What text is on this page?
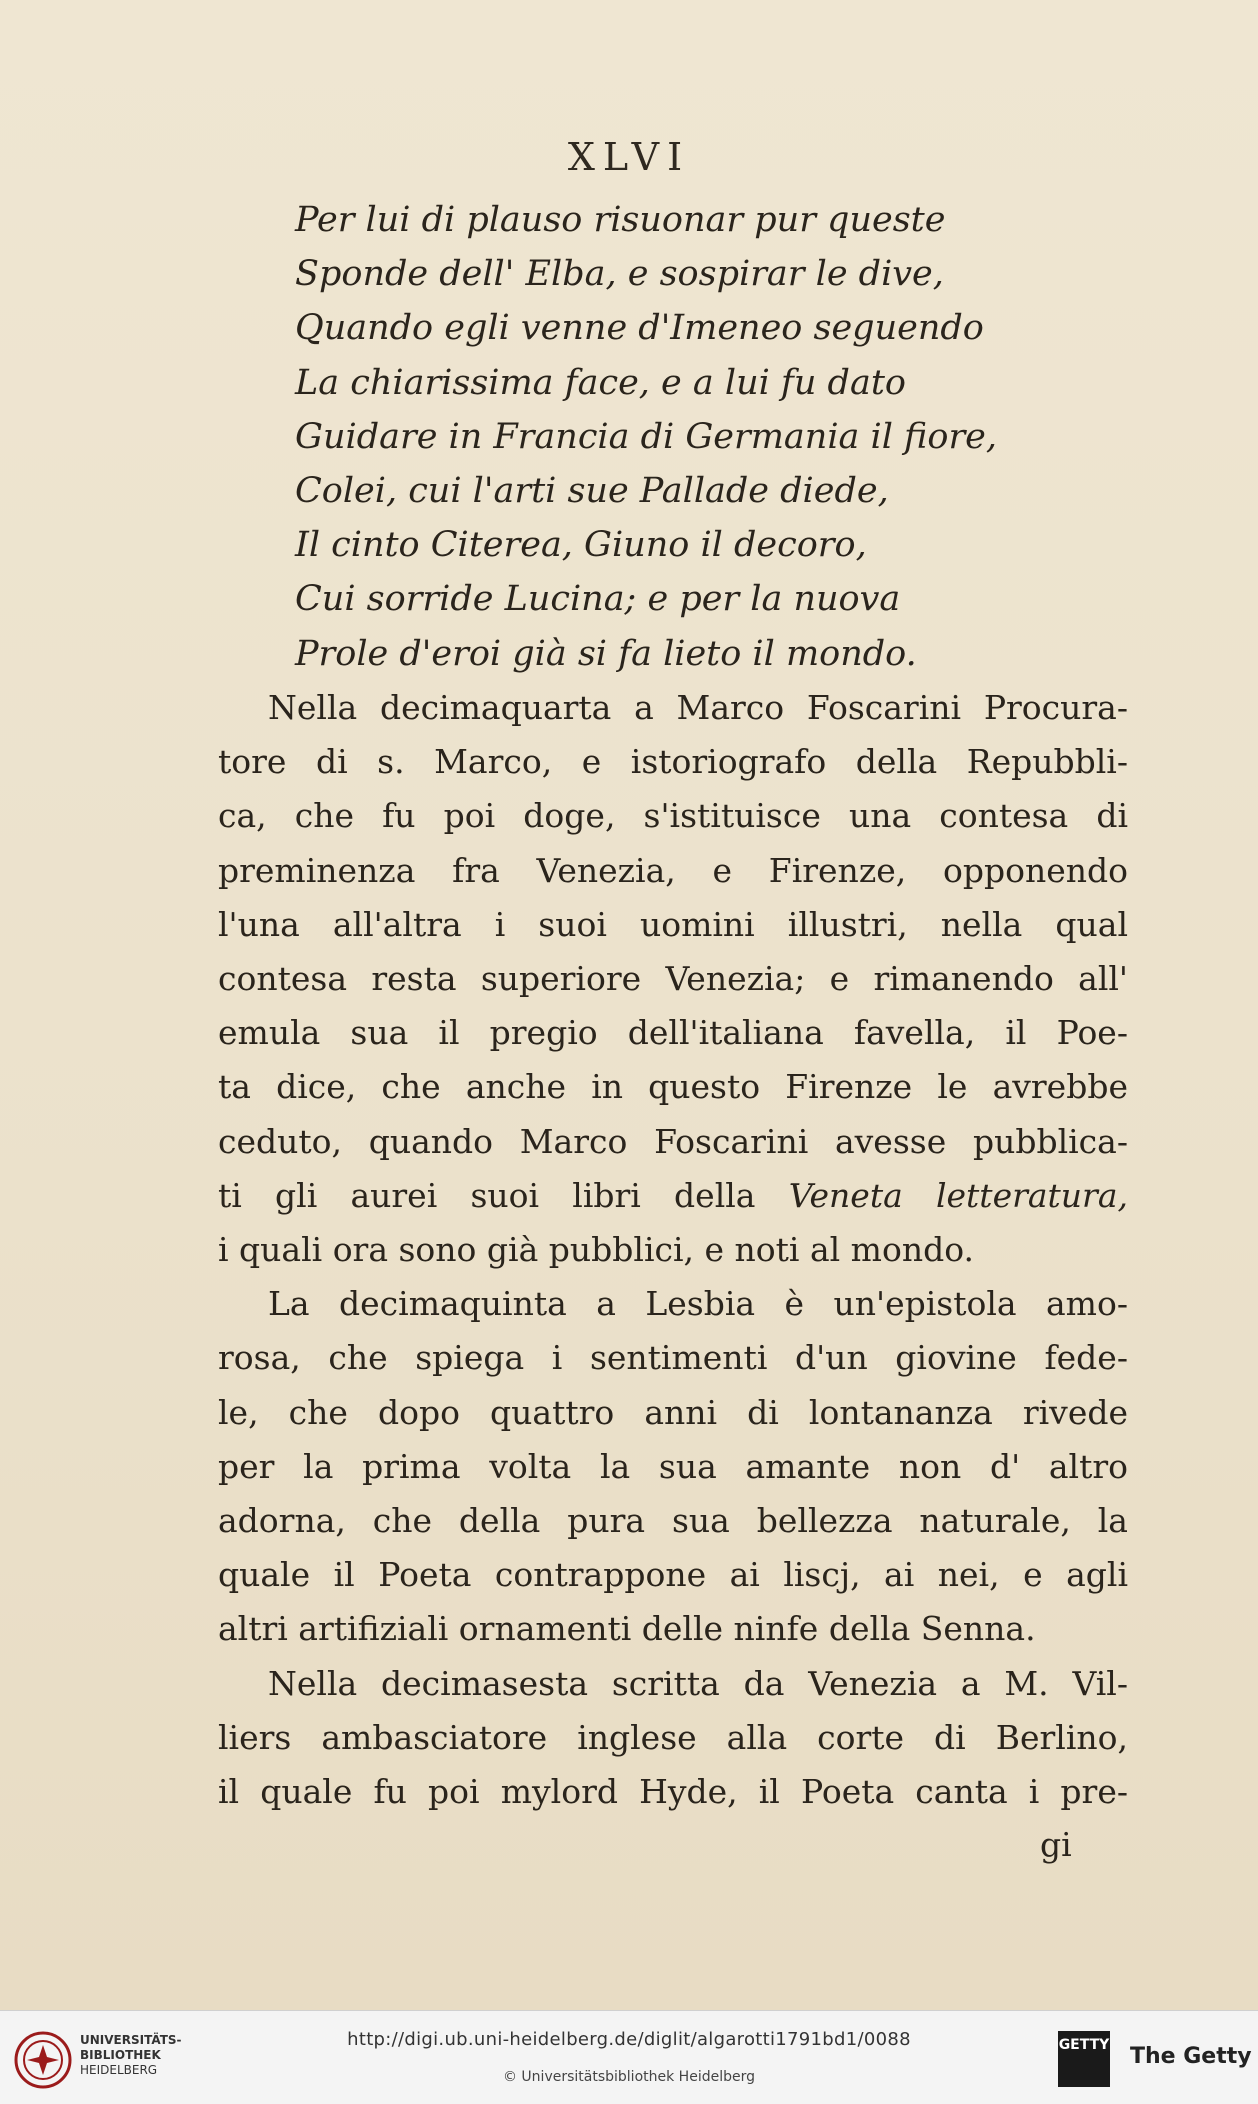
XLVI
Per lui di plauso risuonar pur queste
Sponde dell' Elba, e sospirar le dive,
Quando egli venne d'Imeneo seguendo
La chiarissima face, e a lui fu dato
Guidare in Francia di Germania il fiore,
Colei, cui l'arti sue Pallade diede,
Il cinto Citerea, Giuno il decoro,
Cui sorride Lucina; e per la nuova
Prole d'eroi già si fa lieto il mondo.
Nella decimaquarta a Marco Foscarini Procura-
tore di s. Marco, e istoriografo della Repubbli-
ca, che fu poi doge, s'istituisce una contesa di
preminenza fra Venezia, e Firenze, opponendo
l'una all'altra i suoi uomini illustri, nella qual
contesa resta superiore Venezia; e rimanendo all'
emula sua il pregio dell'italiana favella, il Poe-
ta dice, che anche in questo Firenze le avrebbe
ceduto, quando Marco Foscarini avesse pubblica-
ti gli aurei suoi libri della Veneta letteratura,
i quali ora sono già pubblici, e noti al mondo.
La decimaquinta a Lesbia è un'epistola amo-
rosa, che spiega i sentimenti d'un giovine fede-
le, che dopo quattro anni di lontananza rivede
per la prima volta la sua amante non d' altro
adorna, che della pura sua bellezza naturale, la
quale il Poeta contrappone ai liscj, ai nei, e agli
altri artifiziali ornamenti delle ninfe della Senna.
Nella decimasesta scritta da Venezia a M. Vil-
liers ambasciatore inglese alla corte di Berlino,
il quale fu poi mylord Hyde, il Poeta canta i pre-
gi
UNIVERSITÄTS-
BIBLIOTHEK
HEIDELBERG
http://digi.ub.uni-heidelberg.de/diglit/algarotti1791bd1/0088
© Universitätsbibliothek Heidelberg
GETTY The Getty
